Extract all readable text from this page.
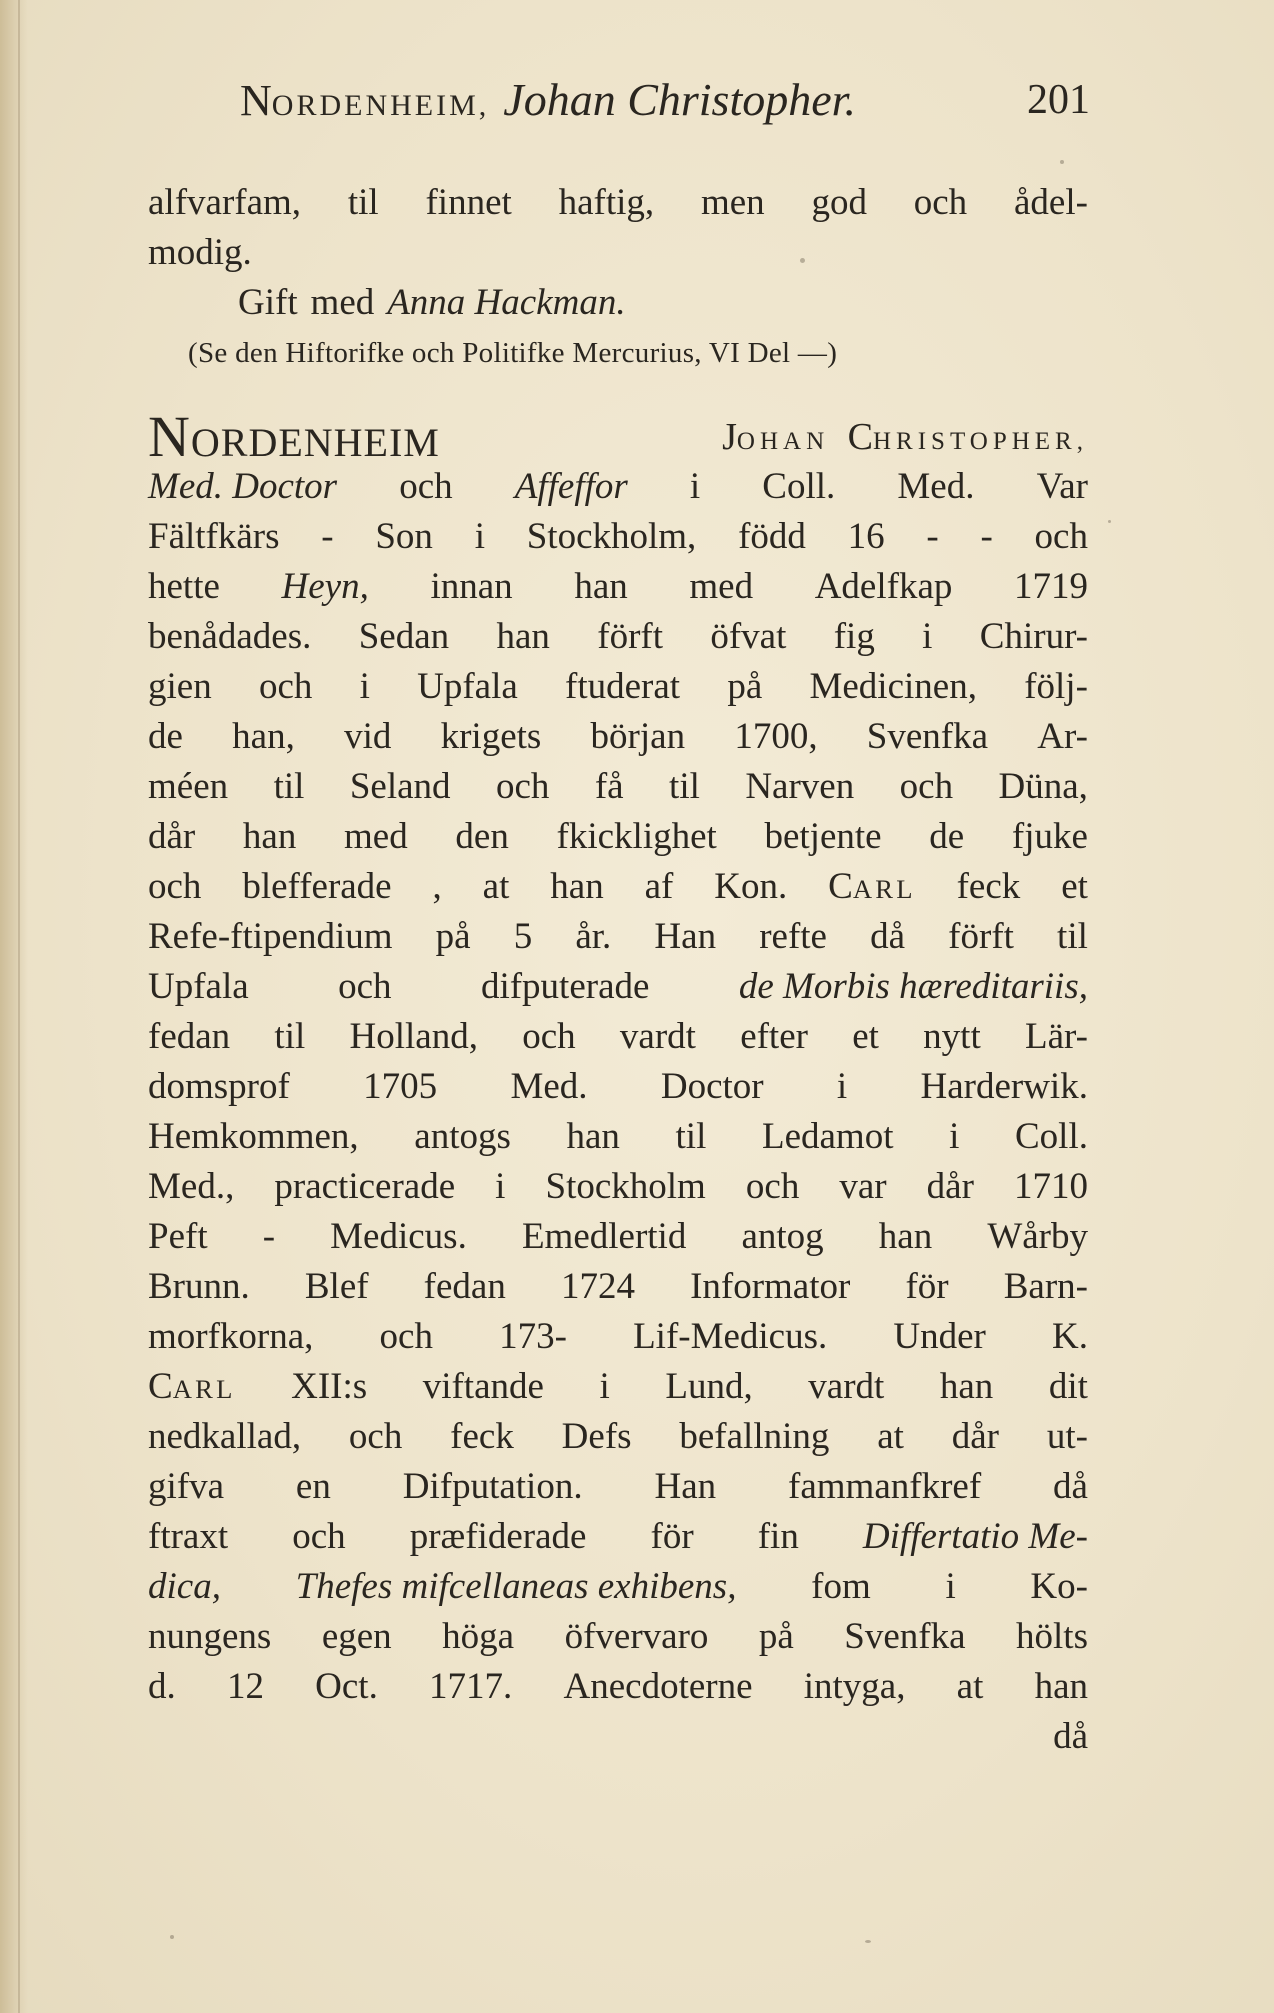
NORDENHEIM, Johan Christopher.	201
alfvarfam, til finnet haftig, men god och ådel-
modig.
Gift med Anna Hackman.
(Se den Hiftorifke och Politifke Mercurius, VI Del —)
NORDENHEIM	JOHAN CHRISTOPHER,
Med. Doctor och Affeffor i Coll. Med. Var
Fältfkärs - Son i Stockholm, född 16 - - och
hette Heyn, innan han med Adelfkap 1719
benådades. Sedan han förft öfvat fig i Chirur-
gien och i Upfala ftuderat på Medicinen, följ-
de han, vid krigets början 1700, Svenfka Ar-
méen til Seland och få til Narven och Düna,
dår han med den fkicklighet betjente de fjuke
och blefferade , at han af Kon. CARL feck et
Refe-ftipendium på 5 år. Han refte då förft til
Upfala och difputerade de Morbis hæreditariis,
fedan til Holland, och vardt efter et nytt Lär-
domsprof 1705 Med. Doctor i Harderwik.
Hemkommen, antogs han til Ledamot i Coll.
Med., practicerade i Stockholm och var dår 1710
Peft - Medicus. Emedlertid antog han Wårby
Brunn. Blef fedan 1724 Informator för Barn-
morfkorna, och 173- Lif-Medicus. Under K.
CARL XII:s viftande i Lund, vardt han dit
nedkallad, och feck Defs befallning at dår ut-
gifva en Difputation. Han fammanfkref då
ftraxt och præfiderade för fin Differtatio Me-
dica, Thefes mifcellaneas exhibens, fom i Ko-
nungens egen höga öfvervaro på Svenfka hölts
d. 12 Oct. 1717. Anecdoterne intyga, at han
då
